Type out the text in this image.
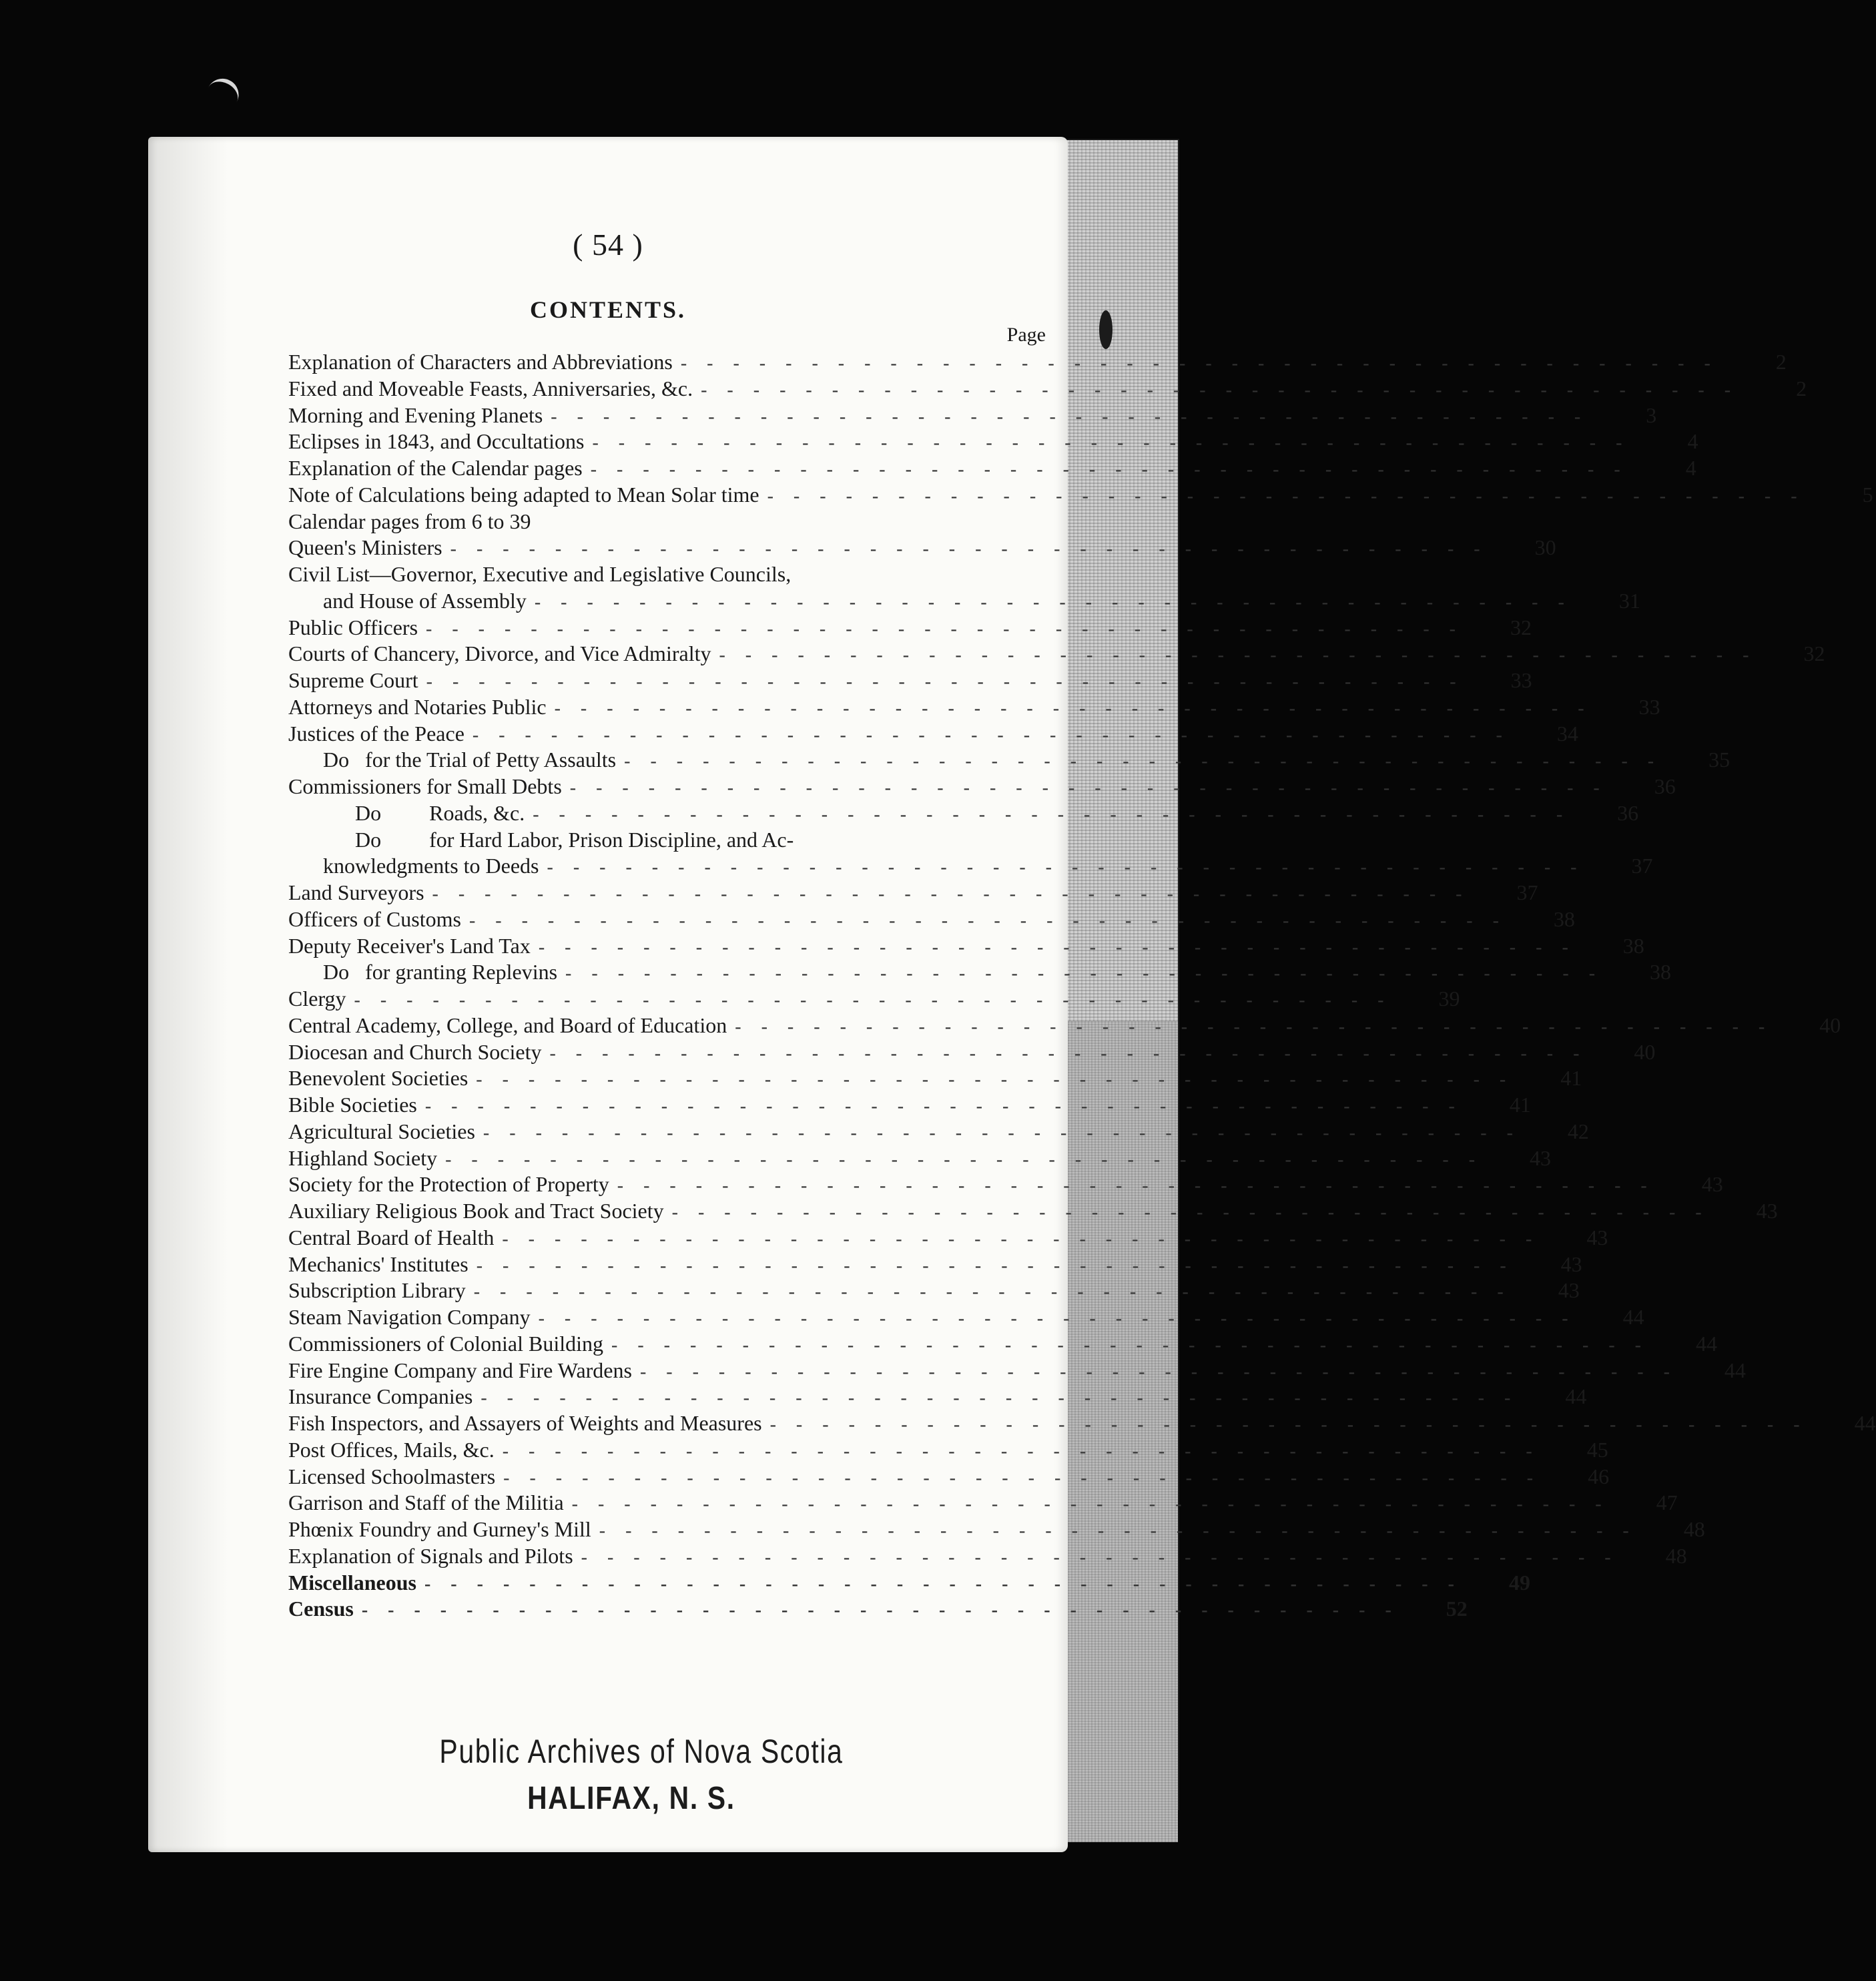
( 54 )
CONTENTS.
Page
Explanation of Characters and Abbreviations ----------------------------------------	2
Fixed and Moveable Feasts, Anniversaries, &c. ----------------------------------------	2
Morning and Evening Planets ----------------------------------------	3
Eclipses in 1843, and Occultations ----------------------------------------	4
Explanation of the Calendar pages ----------------------------------------	4
Note of Calculations being adapted to Mean Solar time ----------------------------------------	5
Calendar pages from 6 to 39
Queen's Ministers ----------------------------------------	30
Civil List—Governor, Executive and Legislative Councils,
and House of Assembly ----------------------------------------	31
Public Officers ----------------------------------------	32
Courts of Chancery, Divorce, and Vice Admiralty ----------------------------------------	32
Supreme Court ----------------------------------------	33
Attorneys and Notaries Public ----------------------------------------	33
Justices of the Peace ----------------------------------------	34
Do   for the Trial of Petty Assaults ----------------------------------------	35
Commissioners for Small Debts ----------------------------------------	36
Do         Roads, &c. ----------------------------------------	36
Do         for Hard Labor, Prison Discipline, and Ac-
knowledgments to Deeds ----------------------------------------	37
Land Surveyors ----------------------------------------	37
Officers of Customs ----------------------------------------	38
Deputy Receiver's Land Tax ----------------------------------------	38
Do   for granting Replevins ----------------------------------------	38
Clergy ----------------------------------------	39
Central Academy, College, and Board of Education ----------------------------------------	40
Diocesan and Church Society ----------------------------------------	40
Benevolent Societies ----------------------------------------	41
Bible Societies ----------------------------------------	41
Agricultural Societies ----------------------------------------	42
Highland Society ----------------------------------------	43
Society for the Protection of Property ----------------------------------------	43
Auxiliary Religious Book and Tract Society ----------------------------------------	43
Central Board of Health ----------------------------------------	43
Mechanics' Institutes ----------------------------------------	43
Subscription Library ----------------------------------------	43
Steam Navigation Company ----------------------------------------	44
Commissioners of Colonial Building ----------------------------------------	44
Fire Engine Company and Fire Wardens ----------------------------------------	44
Insurance Companies ----------------------------------------	44
Fish Inspectors, and Assayers of Weights and Measures ----------------------------------------	44
Post Offices, Mails, &c. ----------------------------------------	45
Licensed Schoolmasters ----------------------------------------	46
Garrison and Staff of the Militia ----------------------------------------	47
Phœnix Foundry and Gurney's Mill ----------------------------------------	48
Explanation of Signals and Pilots ----------------------------------------	48
Miscellaneous ----------------------------------------	49
Census ----------------------------------------	52
Public Archives of Nova Scotia
HALIFAX, N. S.
